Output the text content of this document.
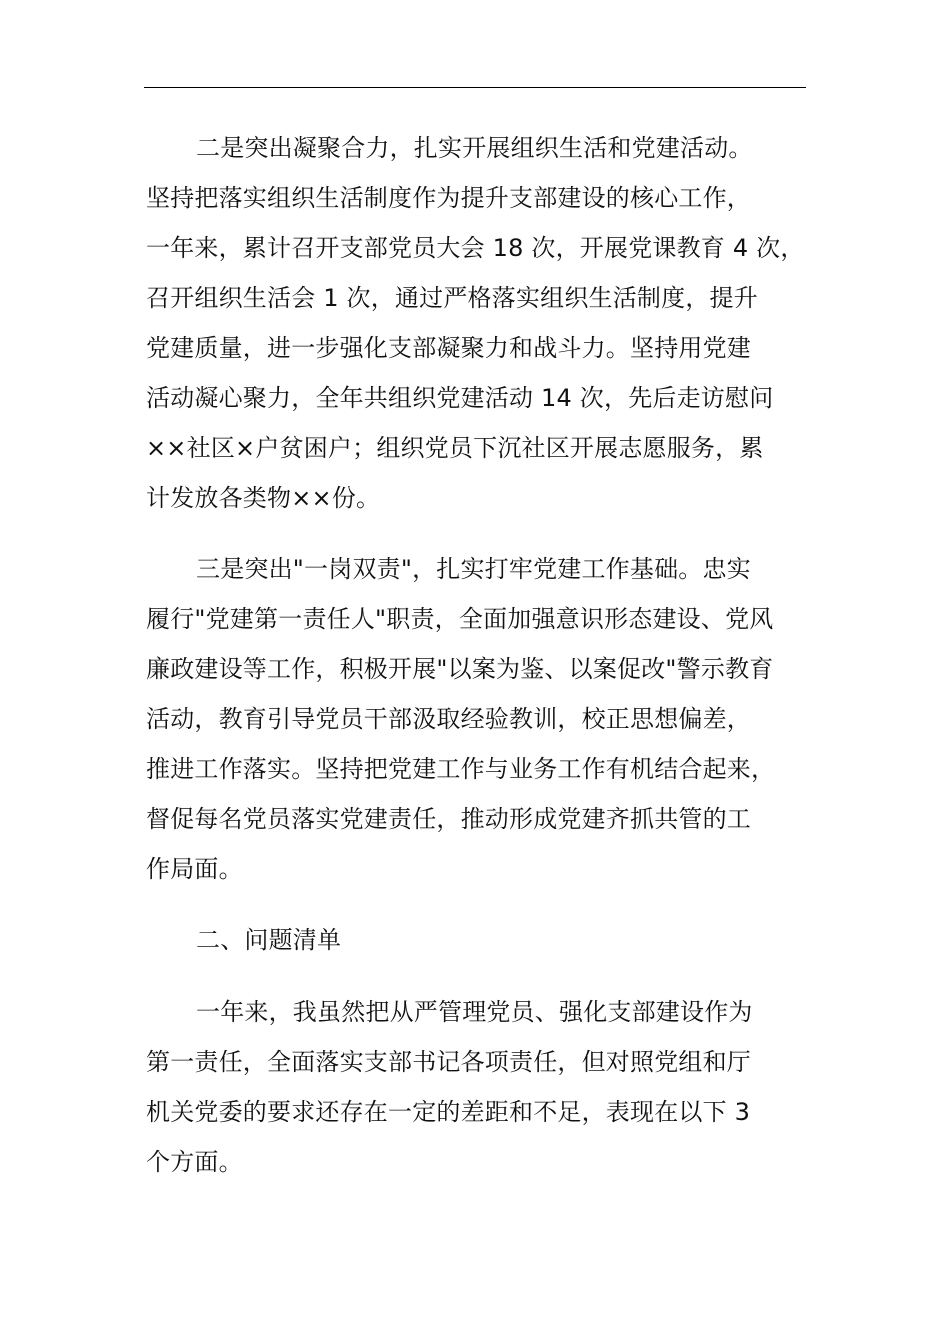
二是突出凝聚合力，扎实开展组织生活和党建活动。
坚持把落实组织生活制度作为提升支部建设的核心工作，
一年来，累计召开支部党员大会 18 次，开展党课教育 4 次，
召开组织生活会 1 次，通过严格落实组织生活制度，提升
党建质量，进一步强化支部凝聚力和战斗力。坚持用党建
活动凝心聚力，全年共组织党建活动 14 次，先后走访慰问
××社区×户贫困户；组织党员下沉社区开展志愿服务，累
计发放各类物××份。
三是突出"一岗双责"，扎实打牢党建工作基础。忠实
履行"党建第一责任人"职责，全面加强意识形态建设、党风
廉政建设等工作，积极开展"以案为鉴、以案促改"警示教育
活动，教育引导党员干部汲取经验教训，校正思想偏差，
推进工作落实。坚持把党建工作与业务工作有机结合起来，
督促每名党员落实党建责任，推动形成党建齐抓共管的工
作局面。
二、问题清单
一年来，我虽然把从严管理党员、强化支部建设作为
第一责任，全面落实支部书记各项责任，但对照党组和厅
机关党委的要求还存在一定的差距和不足，表现在以下 3
个方面。
